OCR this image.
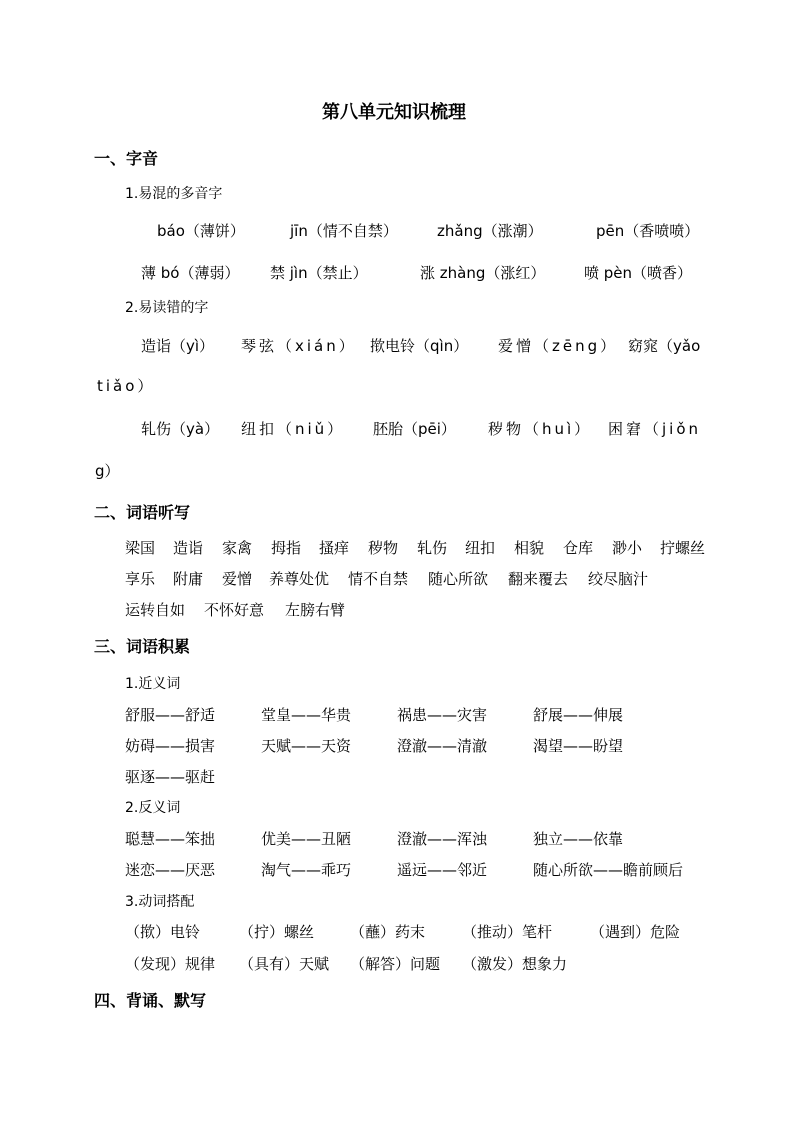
第八单元知识梳理
一、字音
1.易混的多音字
báo（薄饼）	jīn（情不自禁）	zhǎng（涨潮）	pēn（香喷喷）
薄 bó（薄弱） 禁 jìn（禁止）	涨 zhàng（涨红）	喷 pèn（喷香）
2.易读错的字
造诣（yì） 琴弦（xián） 揿电铃（qìn） 爱憎（zēng） 窈窕（yǎo
tiǎo）
轧伤（yà） 纽扣（niǔ） 胚胎（pēi） 秽物（huì） 困窘（jiǒn
g）
二、词语听写
梁国 造诣 家禽 拇指 搔痒 秽物 轧伤 纽扣 相貌 仓库 渺小 拧螺丝
享乐 附庸 爱憎 养尊处优 情不自禁 随心所欲 翻来覆去 绞尽脑汁
运转自如 不怀好意 左膀右臂
三、词语积累
1.近义词
舒服——舒适	堂皇——华贵	祸患——灾害	舒展——伸展
妨碍——损害	天赋——天资	澄澈——清澈	渴望——盼望
驱逐——驱赶
2.反义词
聪慧——笨拙	优美——丑陋	澄澈——浑浊	独立——依靠
迷恋——厌恶	淘气——乖巧	遥远——邻近	随心所欲——瞻前顾后
3.动词搭配
（揿）电铃	（拧）螺丝 （蘸）药末 （推动）笔杆	（遇到）危险
（发现）规律 （具有）天赋 （解答）问题 （激发）想象力
四、背诵、默写
